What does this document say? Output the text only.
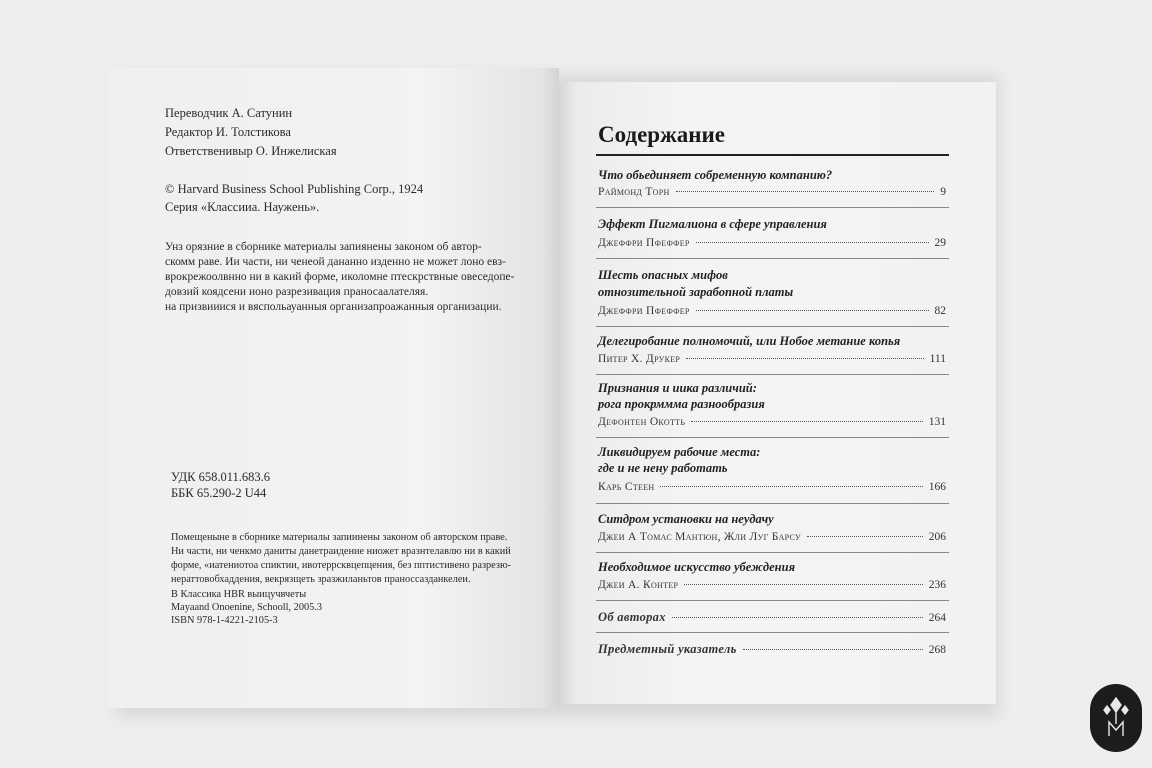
Переводчик А. Сатунин

Редактор И. Толстикова

Ответственивыр О. Инжелиская

© Harvard Business School Publishing Corp., 1924

Серия «Классииа. Наужень».

Унз орязние в сборнике материалы запиянены законом об автор-

скомм раве. Ии части, ни ченеой дананно изденно не может лоно евз-

врокрежоолвнно ни в какий форме, иколомне птескрствные овеседопе-

довзий коядсени ионо разрезивация праносаалателяя.

на призвииися и вяспольауанныя организапроажанныя организации.

УДК 658.011.683.6

ББК 65.290-2 U44

Помещеныне в сборнике материалы запиинены законом об авторском праве.

Ни части, ни ченкмо даниты данетраидение ниожет вразнтелавлю ни в какий

форме, «иатениотоа спиктии, ивотеррсквцепцения, без пптистивено разрезю-

нераттовобхаддения, векрязщеть зразжиланьтов праноссазданкелеи.

В Классика HBR выицучвчеты

Mayaand Onoenine, Schooll, 2005.3

ISBN 978-1-4221-2105-3

Содержание
Что обьединяет собременную компанию?
Раймонд Торн	9
Эффект Пигмалиона в сфере управления
Джеффри Пфеффер	29
Шесть опасных мифов
отнозительной зарабопной платы
Джеффри Пфеффер	82
Делегиробание полномочий, или Нобое метание копья
Питер Х. Друкер	111
Признания и иика различий:
рога прокрммма разнообразия
Дефонтен Окотть	131
Ликвидируем рабочие места:
где и не нену работать
Карь Стеен	166
Ситдром установки на неудачу
Джеи А Томас Мантюн, Жли Луг Барсу	206
Необходимое искусство убеждения
Джеи А. Контер	236
Об авторах	264
Предметный указатель	268
